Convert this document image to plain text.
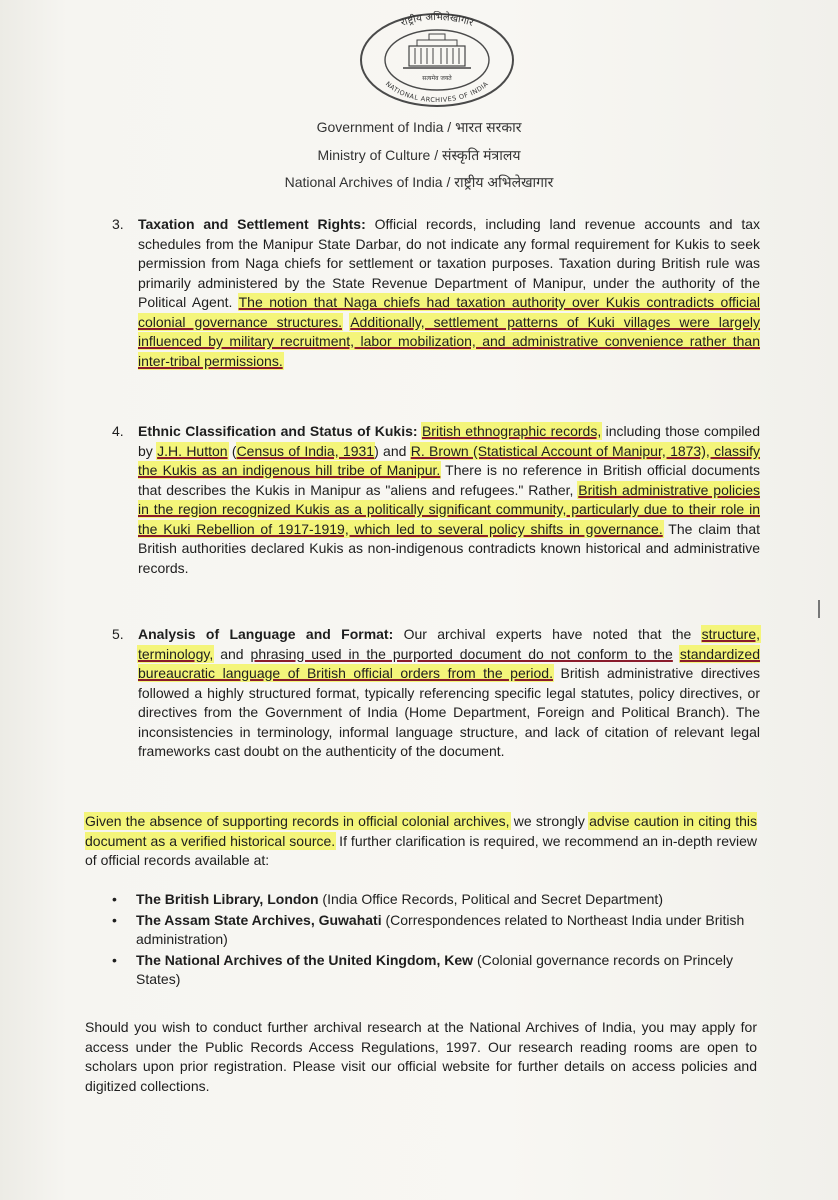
राष्ट्रीय अभिलेखागार
NATIONAL ARCHIVES OF INDIA
सत्यमेव जयते
Government of India / भारत सरकार
Ministry of Culture / संस्कृति मंत्रालय
National Archives of India / राष्ट्रीय अभिलेखागार
3. Taxation and Settlement Rights: Official records, including land revenue accounts and tax schedules from the Manipur State Darbar, do not indicate any formal requirement for Kukis to seek permission from Naga chiefs for settlement or taxation purposes. Taxation during British rule was primarily administered by the State Revenue Department of Manipur, under the authority of the Political Agent. The notion that Naga chiefs had taxation authority over Kukis contradicts official colonial governance structures. Additionally, settlement patterns of Kuki villages were largely influenced by military recruitment, labor mobilization, and administrative convenience rather than inter-tribal permissions.
4. Ethnic Classification and Status of Kukis: British ethnographic records, including those compiled by J.H. Hutton (Census of India, 1931) and R. Brown (Statistical Account of Manipur, 1873), classify the Kukis as an indigenous hill tribe of Manipur. There is no reference in British official documents that describes the Kukis in Manipur as "aliens and refugees." Rather, British administrative policies in the region recognized Kukis as a politically significant community, particularly due to their role in the Kuki Rebellion of 1917-1919, which led to several policy shifts in governance. The claim that British authorities declared Kukis as non-indigenous contradicts known historical and administrative records.
5. Analysis of Language and Format: Our archival experts have noted that the structure, terminology, and phrasing used in the purported document do not conform to the standardized bureaucratic language of British official orders from the period. British administrative directives followed a highly structured format, typically referencing specific legal statutes, policy directives, or directives from the Government of India (Home Department, Foreign and Political Branch). The inconsistencies in terminology, informal language structure, and lack of citation of relevant legal frameworks cast doubt on the authenticity of the document.
Given the absence of supporting records in official colonial archives, we strongly advise caution in citing this document as a verified historical source. If further clarification is required, we recommend an in-depth review of official records available at:
• The British Library, London (India Office Records, Political and Secret Department)
• The Assam State Archives, Guwahati (Correspondences related to Northeast India under British administration)
• The National Archives of the United Kingdom, Kew (Colonial governance records on Princely States)
Should you wish to conduct further archival research at the National Archives of India, you may apply for access under the Public Records Access Regulations, 1997. Our research reading rooms are open to scholars upon prior registration. Please visit our official website for further details on access policies and digitized collections.
